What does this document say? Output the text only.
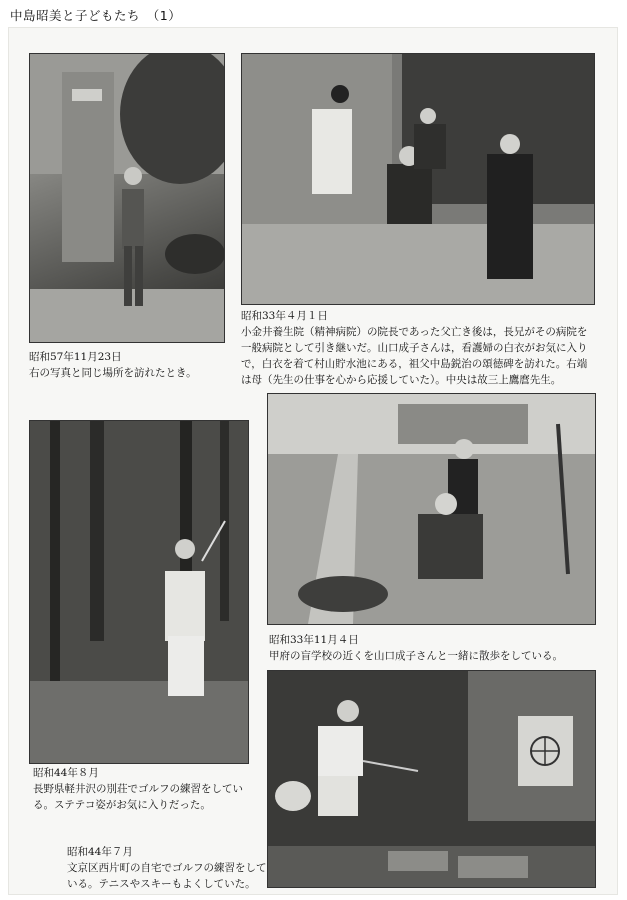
中島昭美と子どもたち　（1）
昭和57年11月23日
右の写真と同じ場所を訪れたとき。
昭和33年４月１日
小金井養生院（精神病院）の院長であった父亡き後は，長兄がその病院を一般病院として引き継いだ。山口成子さんは，看護婦の白衣がお気に入りで，白衣を着て村山貯水池にある，祖父中島鋭治の頌徳碑を訪れた。右端は母（先生の仕事を心から応援していた）。中央は故三上鷹麿先生。
昭和44年８月
長野県軽井沢の別荘でゴルフの練習をしている。ステテコ姿がお気に入りだった。
昭和33年11月４日
甲府の盲学校の近くを山口成子さんと一緒に散歩をしている。
昭和44年７月
文京区西片町の自宅でゴルフの練習をしている。テニスやスキーもよくしていた。
